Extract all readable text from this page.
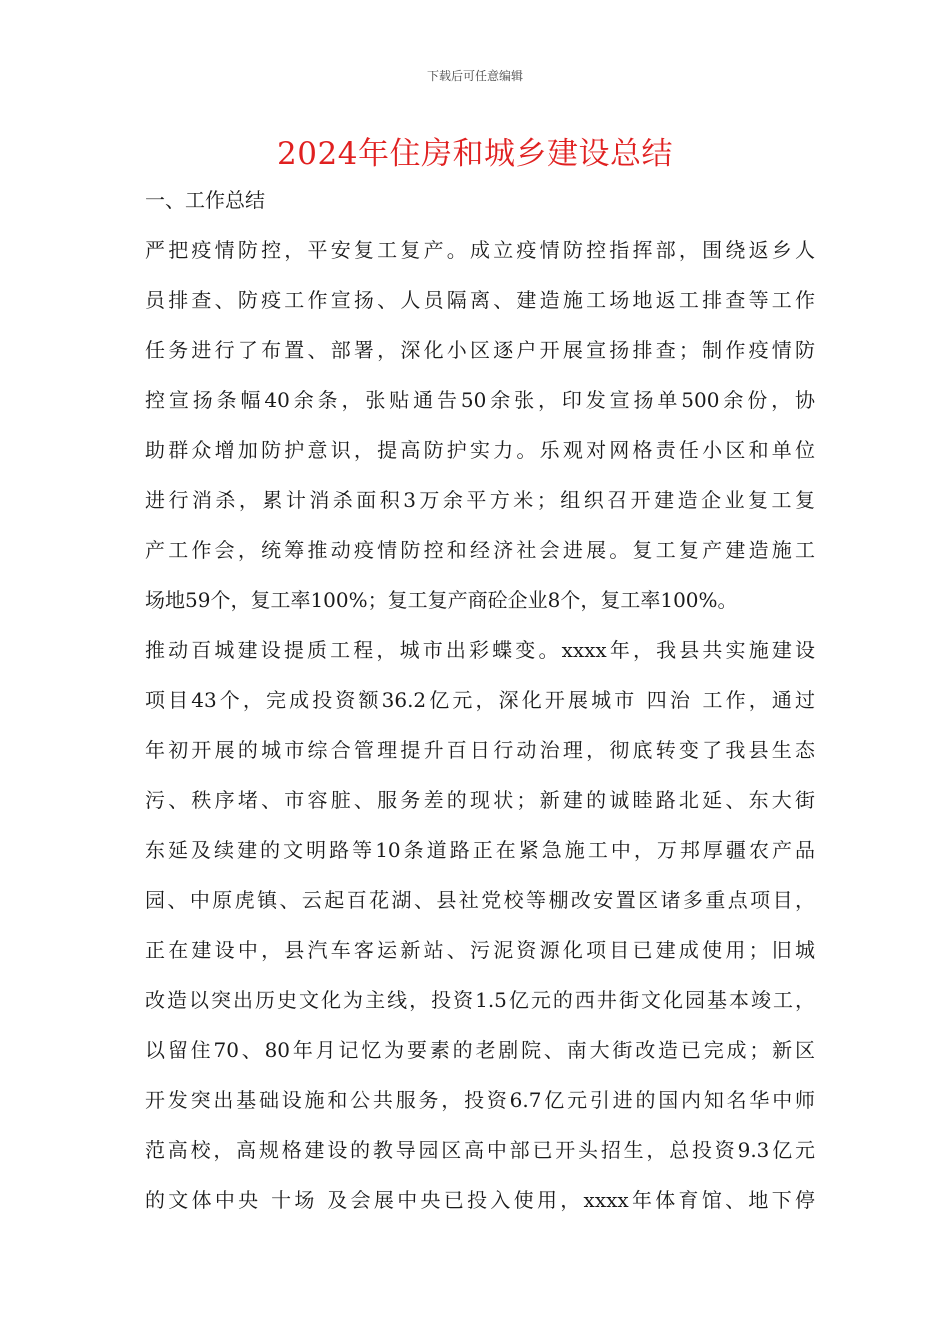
下载后可任意编辑
2024年住房和城乡建设总结
一、工作总结
严把疫情防控，平安复工复产。成立疫情防控指挥部，围绕返乡人
员排查、防疫工作宣扬、人员隔离、建造施工场地返工排查等工作
任务进行了布置、部署，深化小区逐户开展宣扬排查；制作疫情防
控宣扬条幅40余条，张贴通告50余张，印发宣扬单500余份，协
助群众增加防护意识，提高防护实力。乐观对网格责任小区和单位
进行消杀，累计消杀面积3万余平方米；组织召开建造企业复工复
产工作会，统筹推动疫情防控和经济社会进展。复工复产建造施工
场地59个，复工率100%；复工复产商砼企业8个，复工率100%。
推动百城建设提质工程，城市出彩蝶变。xxxx年，我县共实施建设
项目43个，完成投资额36.2亿元，深化开展城市 四治 工作，通过
年初开展的城市综合管理提升百日行动治理，彻底转变了我县生态
污、秩序堵、市容脏、服务差的现状；新建的诚睦路北延、东大街
东延及续建的文明路等10条道路正在紧急施工中，万邦厚疆农产品
园、中原虎镇、云起百花湖、县社党校等棚改安置区诸多重点项目，
正在建设中，县汽车客运新站、污泥资源化项目已建成使用；旧城
改造以突出历史文化为主线，投资1.5亿元的西井街文化园基本竣工，
以留住70、80年月记忆为要素的老剧院、南大街改造已完成；新区
开发突出基础设施和公共服务，投资6.7亿元引进的国内知名华中师
范高校，高规格建设的教导园区高中部已开头招生，总投资9.3亿元
的文体中央 十场 及会展中央已投入使用，xxxx年体育馆、地下停
